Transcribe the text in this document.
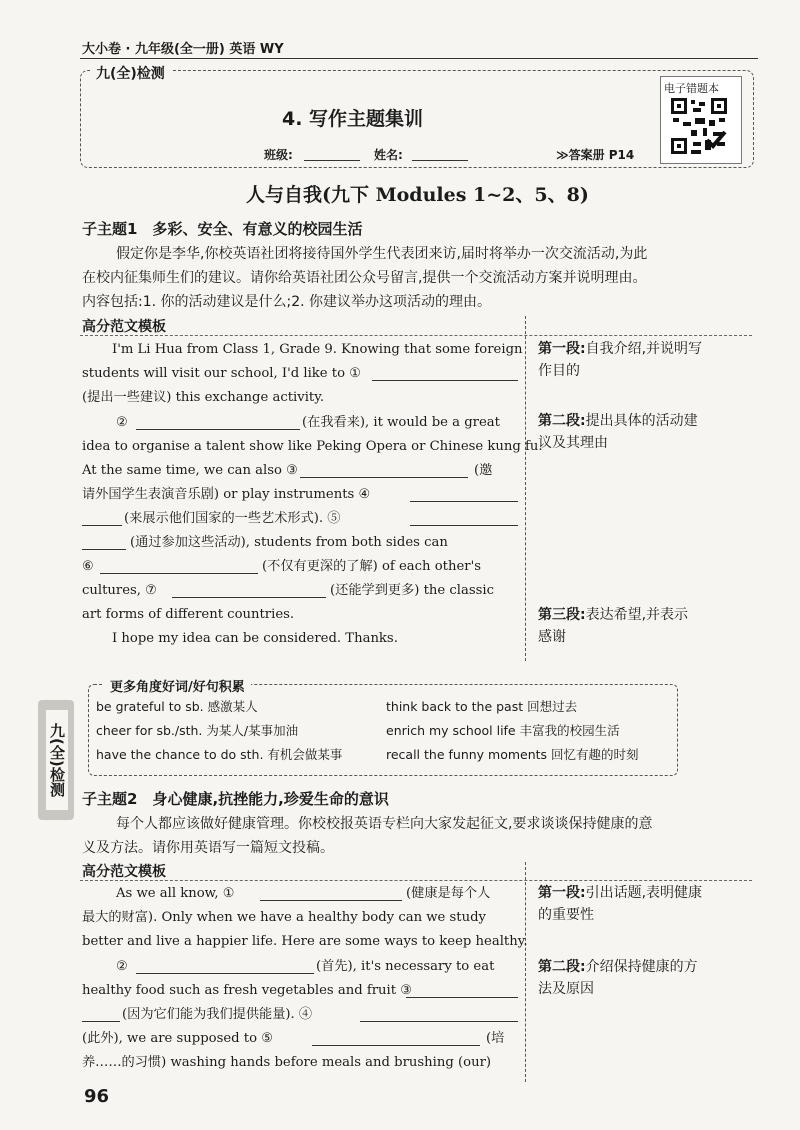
大小卷 · 九年级(全一册) 英语 WY
九(全)检测
4. 写作主题集训
班级:	姓名:	≫答案册 P14
电子错题本
人与自我(九下 Modules 1~2、5、8)
子主题1　多彩、安全、有意义的校园生活
假定你是李华,你校英语社团将接待国外学生代表团来访,届时将举办一次交流活动,为此
在校内征集师生们的建议。请你给英语社团公众号留言,提供一个交流活动方案并说明理由。
内容包括:1. 你的活动建议是什么;2. 你建议举办这项活动的理由。
高分范文模板
I'm Li Hua from Class 1, Grade 9. Knowing that some foreign
students will visit our school, I'd like to ①
(提出一些建议) this exchange activity.
②	(在我看来), it would be a great
idea to organise a talent show like Peking Opera or Chinese kung fu.
At the same time, we can also ③	(邀
请外国学生表演音乐剧) or play instruments ④
(来展示他们国家的一些艺术形式). ⑤
(通过参加这些活动), students from both sides can
⑥	(不仅有更深的了解) of each other's
cultures, ⑦	(还能学到更多) the classic
art forms of different countries.
I hope my idea can be considered. Thanks.
第一段:自我介绍,并说明写
作目的
第二段:提出具体的活动建
议及其理由
第三段:表达希望,并表示
感谢
更多角度好词/好句积累
be grateful to sb. 感激某人
cheer for sb./sth. 为某人/某事加油
have the chance to do sth. 有机会做某事
think back to the past 回想过去
enrich my school life 丰富我的校园生活
recall the funny moments 回忆有趣的时刻
九(全)检测
子主题2　身心健康,抗挫能力,珍爱生命的意识
每个人都应该做好健康管理。你校校报英语专栏向大家发起征文,要求谈谈保持健康的意
义及方法。请你用英语写一篇短文投稿。
高分范文模板
As we all know, ①	(健康是每个人
最大的财富). Only when we have a healthy body can we study
better and live a happier life. Here are some ways to keep healthy.
②	(首先), it's necessary to eat
healthy food such as fresh vegetables and fruit ③
(因为它们能为我们提供能量). ④
(此外), we are supposed to ⑤	(培
养……的习惯) washing hands before meals and brushing (our)
第一段:引出话题,表明健康
的重要性
第二段:介绍保持健康的方
法及原因
96
